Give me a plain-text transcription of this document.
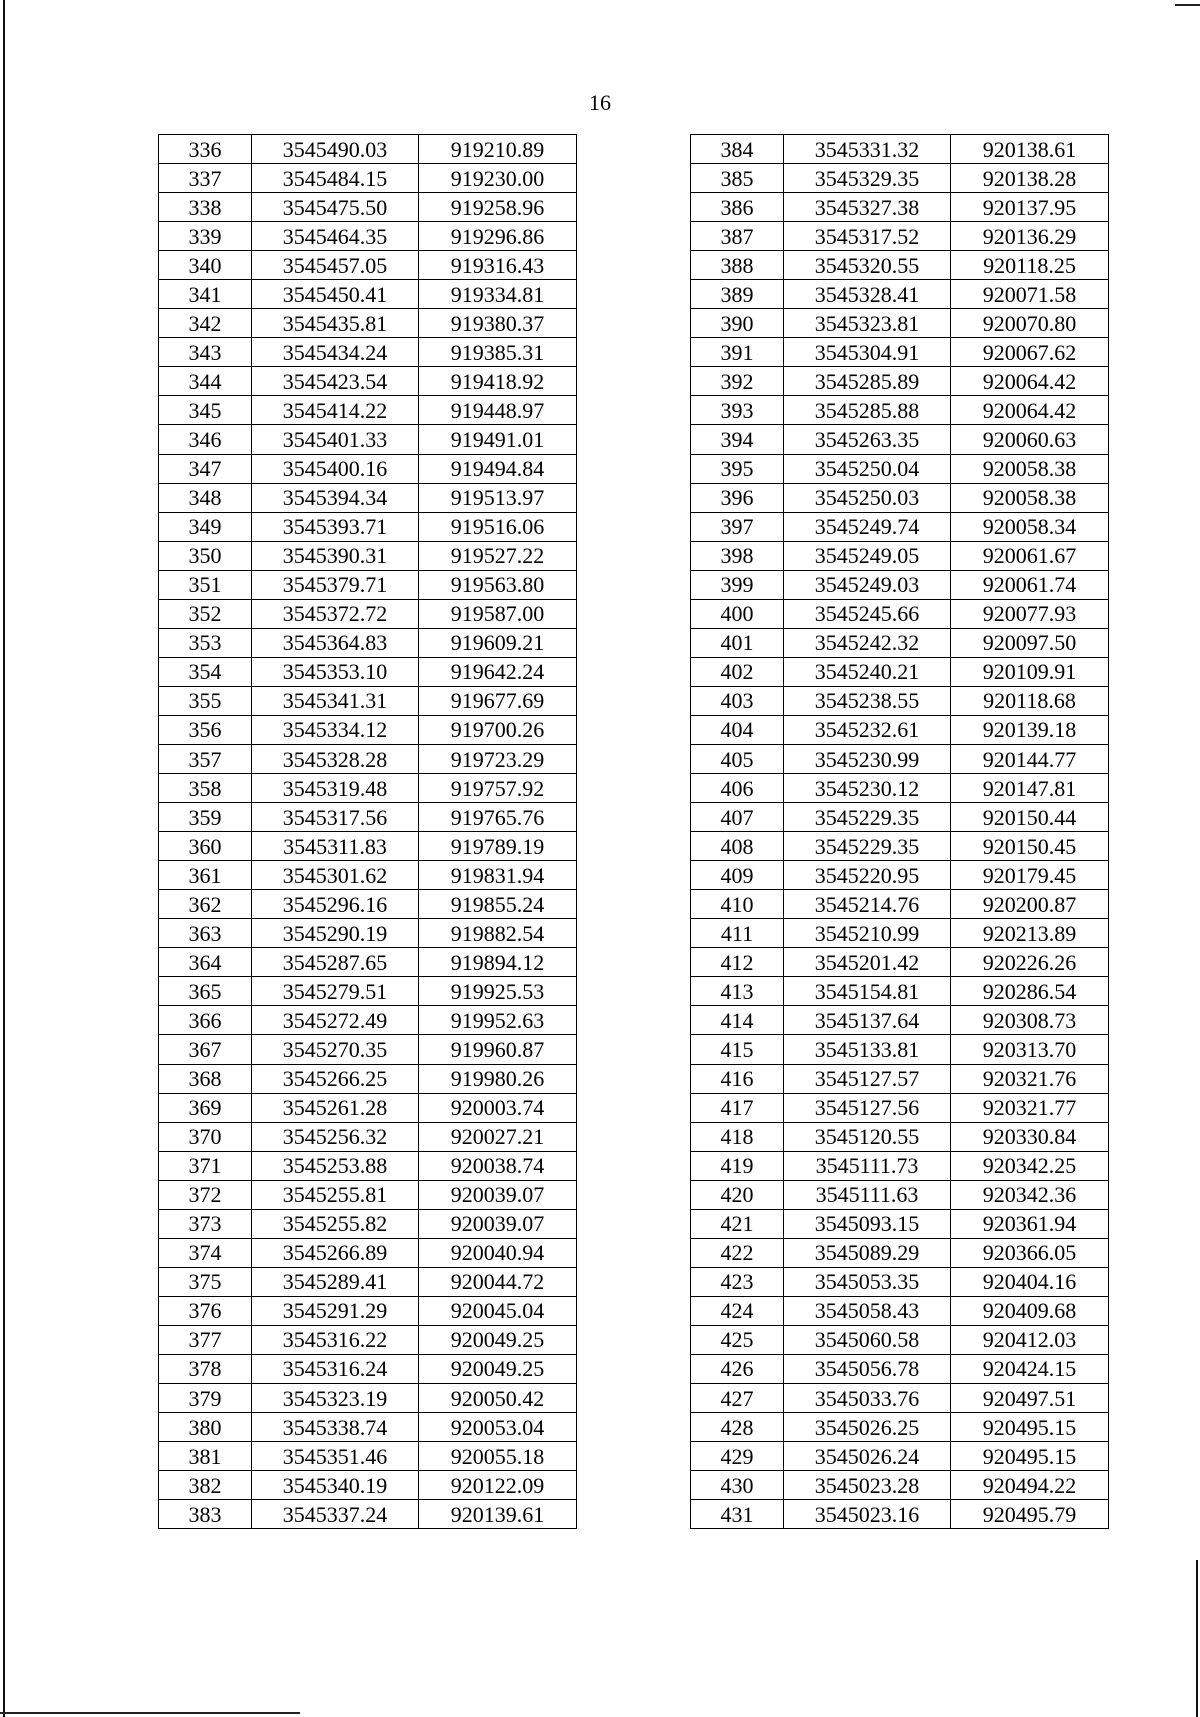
16
336	3545490.03	919210.89
337	3545484.15	919230.00
338	3545475.50	919258.96
339	3545464.35	919296.86
340	3545457.05	919316.43
341	3545450.41	919334.81
342	3545435.81	919380.37
343	3545434.24	919385.31
344	3545423.54	919418.92
345	3545414.22	919448.97
346	3545401.33	919491.01
347	3545400.16	919494.84
348	3545394.34	919513.97
349	3545393.71	919516.06
350	3545390.31	919527.22
351	3545379.71	919563.80
352	3545372.72	919587.00
353	3545364.83	919609.21
354	3545353.10	919642.24
355	3545341.31	919677.69
356	3545334.12	919700.26
357	3545328.28	919723.29
358	3545319.48	919757.92
359	3545317.56	919765.76
360	3545311.83	919789.19
361	3545301.62	919831.94
362	3545296.16	919855.24
363	3545290.19	919882.54
364	3545287.65	919894.12
365	3545279.51	919925.53
366	3545272.49	919952.63
367	3545270.35	919960.87
368	3545266.25	919980.26
369	3545261.28	920003.74
370	3545256.32	920027.21
371	3545253.88	920038.74
372	3545255.81	920039.07
373	3545255.82	920039.07
374	3545266.89	920040.94
375	3545289.41	920044.72
376	3545291.29	920045.04
377	3545316.22	920049.25
378	3545316.24	920049.25
379	3545323.19	920050.42
380	3545338.74	920053.04
381	3545351.46	920055.18
382	3545340.19	920122.09
383	3545337.24	920139.61
384	3545331.32	920138.61
385	3545329.35	920138.28
386	3545327.38	920137.95
387	3545317.52	920136.29
388	3545320.55	920118.25
389	3545328.41	920071.58
390	3545323.81	920070.80
391	3545304.91	920067.62
392	3545285.89	920064.42
393	3545285.88	920064.42
394	3545263.35	920060.63
395	3545250.04	920058.38
396	3545250.03	920058.38
397	3545249.74	920058.34
398	3545249.05	920061.67
399	3545249.03	920061.74
400	3545245.66	920077.93
401	3545242.32	920097.50
402	3545240.21	920109.91
403	3545238.55	920118.68
404	3545232.61	920139.18
405	3545230.99	920144.77
406	3545230.12	920147.81
407	3545229.35	920150.44
408	3545229.35	920150.45
409	3545220.95	920179.45
410	3545214.76	920200.87
411	3545210.99	920213.89
412	3545201.42	920226.26
413	3545154.81	920286.54
414	3545137.64	920308.73
415	3545133.81	920313.70
416	3545127.57	920321.76
417	3545127.56	920321.77
418	3545120.55	920330.84
419	3545111.73	920342.25
420	3545111.63	920342.36
421	3545093.15	920361.94
422	3545089.29	920366.05
423	3545053.35	920404.16
424	3545058.43	920409.68
425	3545060.58	920412.03
426	3545056.78	920424.15
427	3545033.76	920497.51
428	3545026.25	920495.15
429	3545026.24	920495.15
430	3545023.28	920494.22
431	3545023.16	920495.79
